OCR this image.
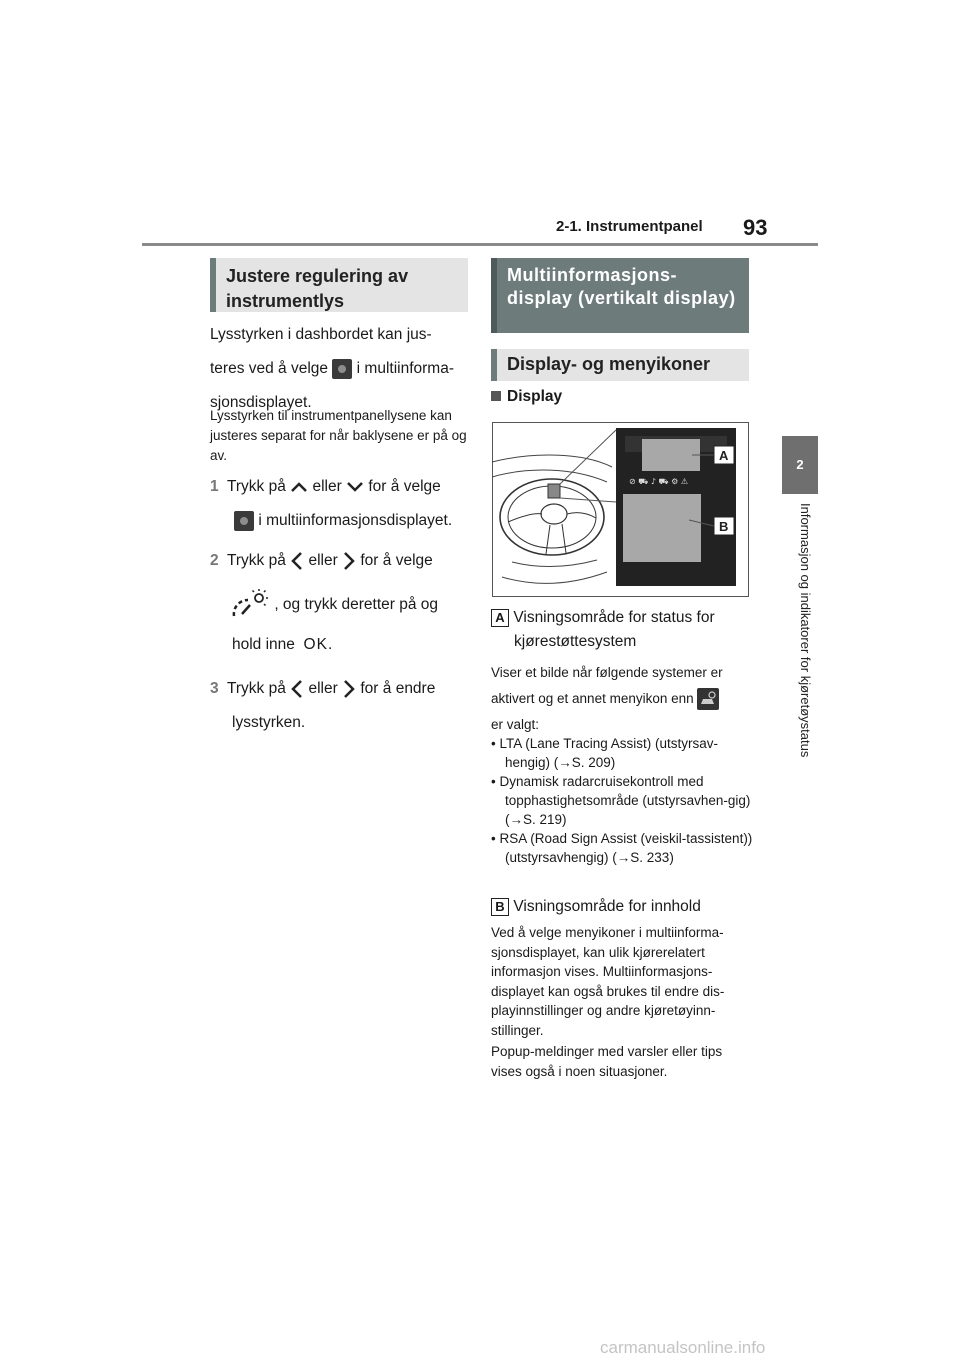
2-1. Instrumentpanel 93
2
Informasjon og indikatorer for kjøretøystatus
Justere regulering av instrumentlys
Lysstyrken i dashbordet kan jus-
teres ved å velge i multiinforma-
sjonsdisplayet.
Lysstyrken til instrumentpanellysene kan justeres separat for når baklysene er på og av.
1 Trykk på eller for å velge
i multiinformasjonsdisplayet.
2 Trykk på eller for å velge
, og trykk deretter på og
hold inne OK.
3 Trykk på eller for å endre
lysstyrken.
Multiinformasjons-display (vertikalt display)
Display- og menyikoner
Display
⊘ ⛟ ♪ ⛟ ⚙ ⚠
A
B
A Visningsområde for status for
kjørestøttesystem
Viser et bilde når følgende systemer er
aktivert og et annet menyikon enn
er valgt:
• LTA (Lane Tracing Assist) (utstyrsav-hengig) (→S. 209)
• Dynamisk radarcruisekontroll med topphastighetsområde (utstyrsavhen-gig) (→S. 219)
• RSA (Road Sign Assist (veiskil-tassistent)) (utstyrsavhengig) (→S. 233)
B Visningsområde for innhold
Ved å velge menyikoner i multiinforma-sjonsdisplayet, kan ulik kjørerelatert informasjon vises. Multiinformasjons-displayet kan også brukes til endre dis-playinnstillinger og andre kjøretøyinn-stillinger.
Popup-meldinger med varsler eller tips vises også i noen situasjoner.
carmanualsonline.info
